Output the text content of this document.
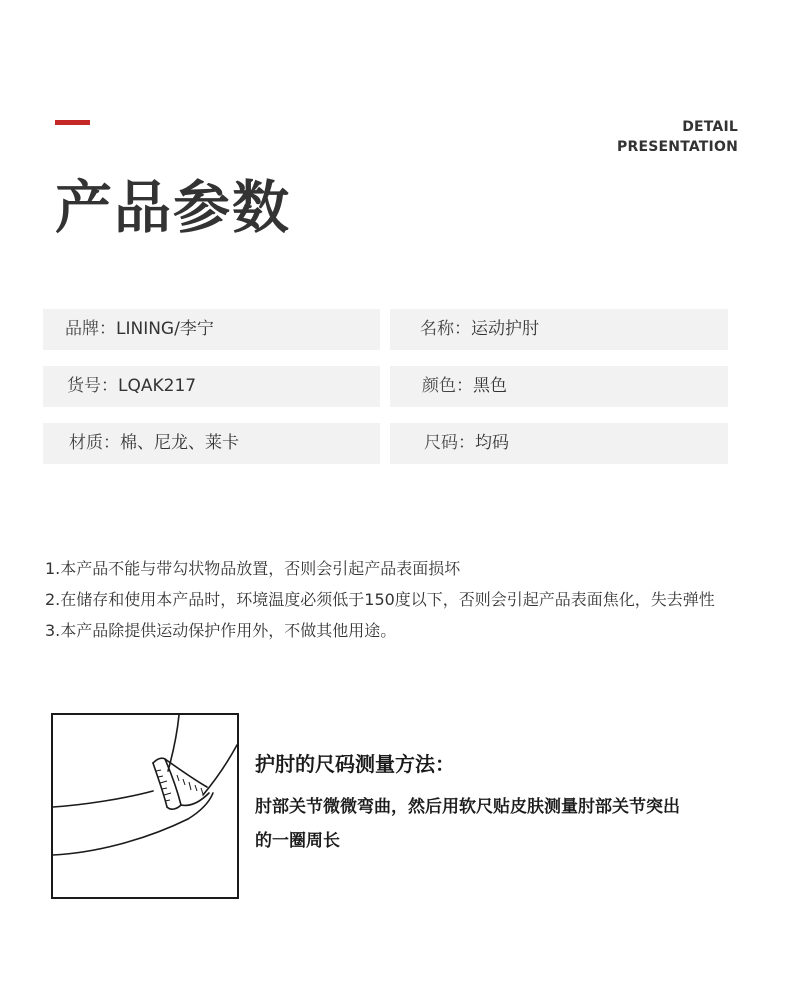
DETAIL
PRESENTATION
产品参数
品牌：LINING/李宁	名称：运动护肘
货号：LQAK217	颜色：黑色
材质：棉、尼龙、莱卡	尺码：均码
1.本产品不能与带勾状物品放置，否则会引起产品表面损坏
2.在储存和使用本产品时，环境温度必须低于150度以下，否则会引起产品表面焦化，失去弹性
3.本产品除提供运动保护作用外，不做其他用途。
护肘的尺码测量方法：
肘部关节微微弯曲，然后用软尺贴皮肤测量肘部关节突出
的一圈周长
